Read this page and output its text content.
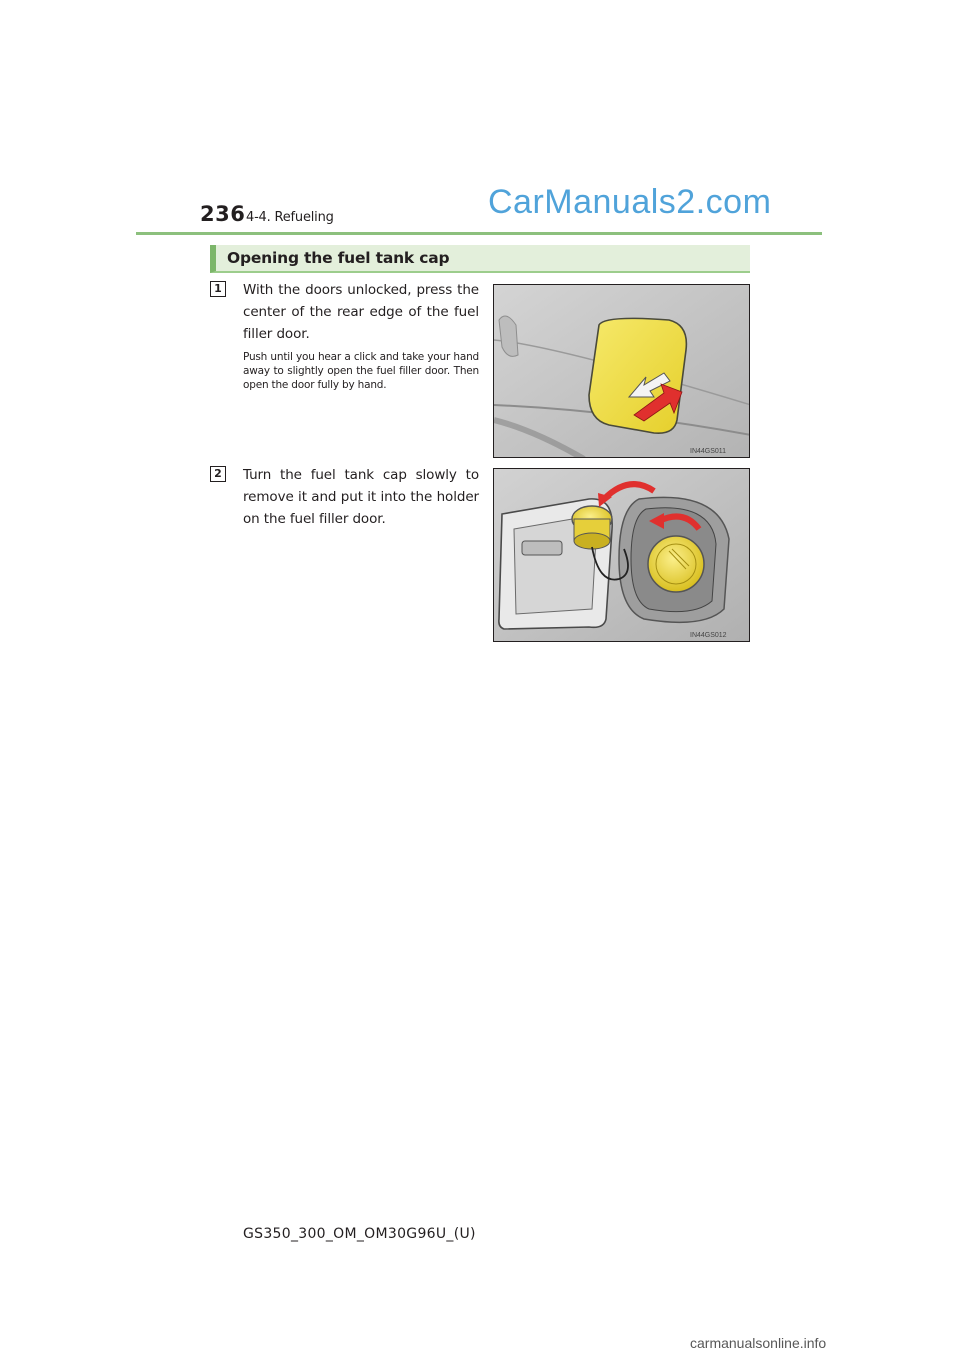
236 4-4. Refueling	CarManuals2.com
Opening the fuel tank cap
1	With the doors unlocked, press the center of the rear edge of the fuel filler door.
Push until you hear a click and take your hand away to slightly open the fuel filler door. Then open the door fully by hand.
IN44GS011
2	Turn the fuel tank cap slowly to remove it and put it into the holder on the fuel filler door.
IN44GS012
GS350_300_OM_OM30G96U_(U)
carmanualsonline.info
